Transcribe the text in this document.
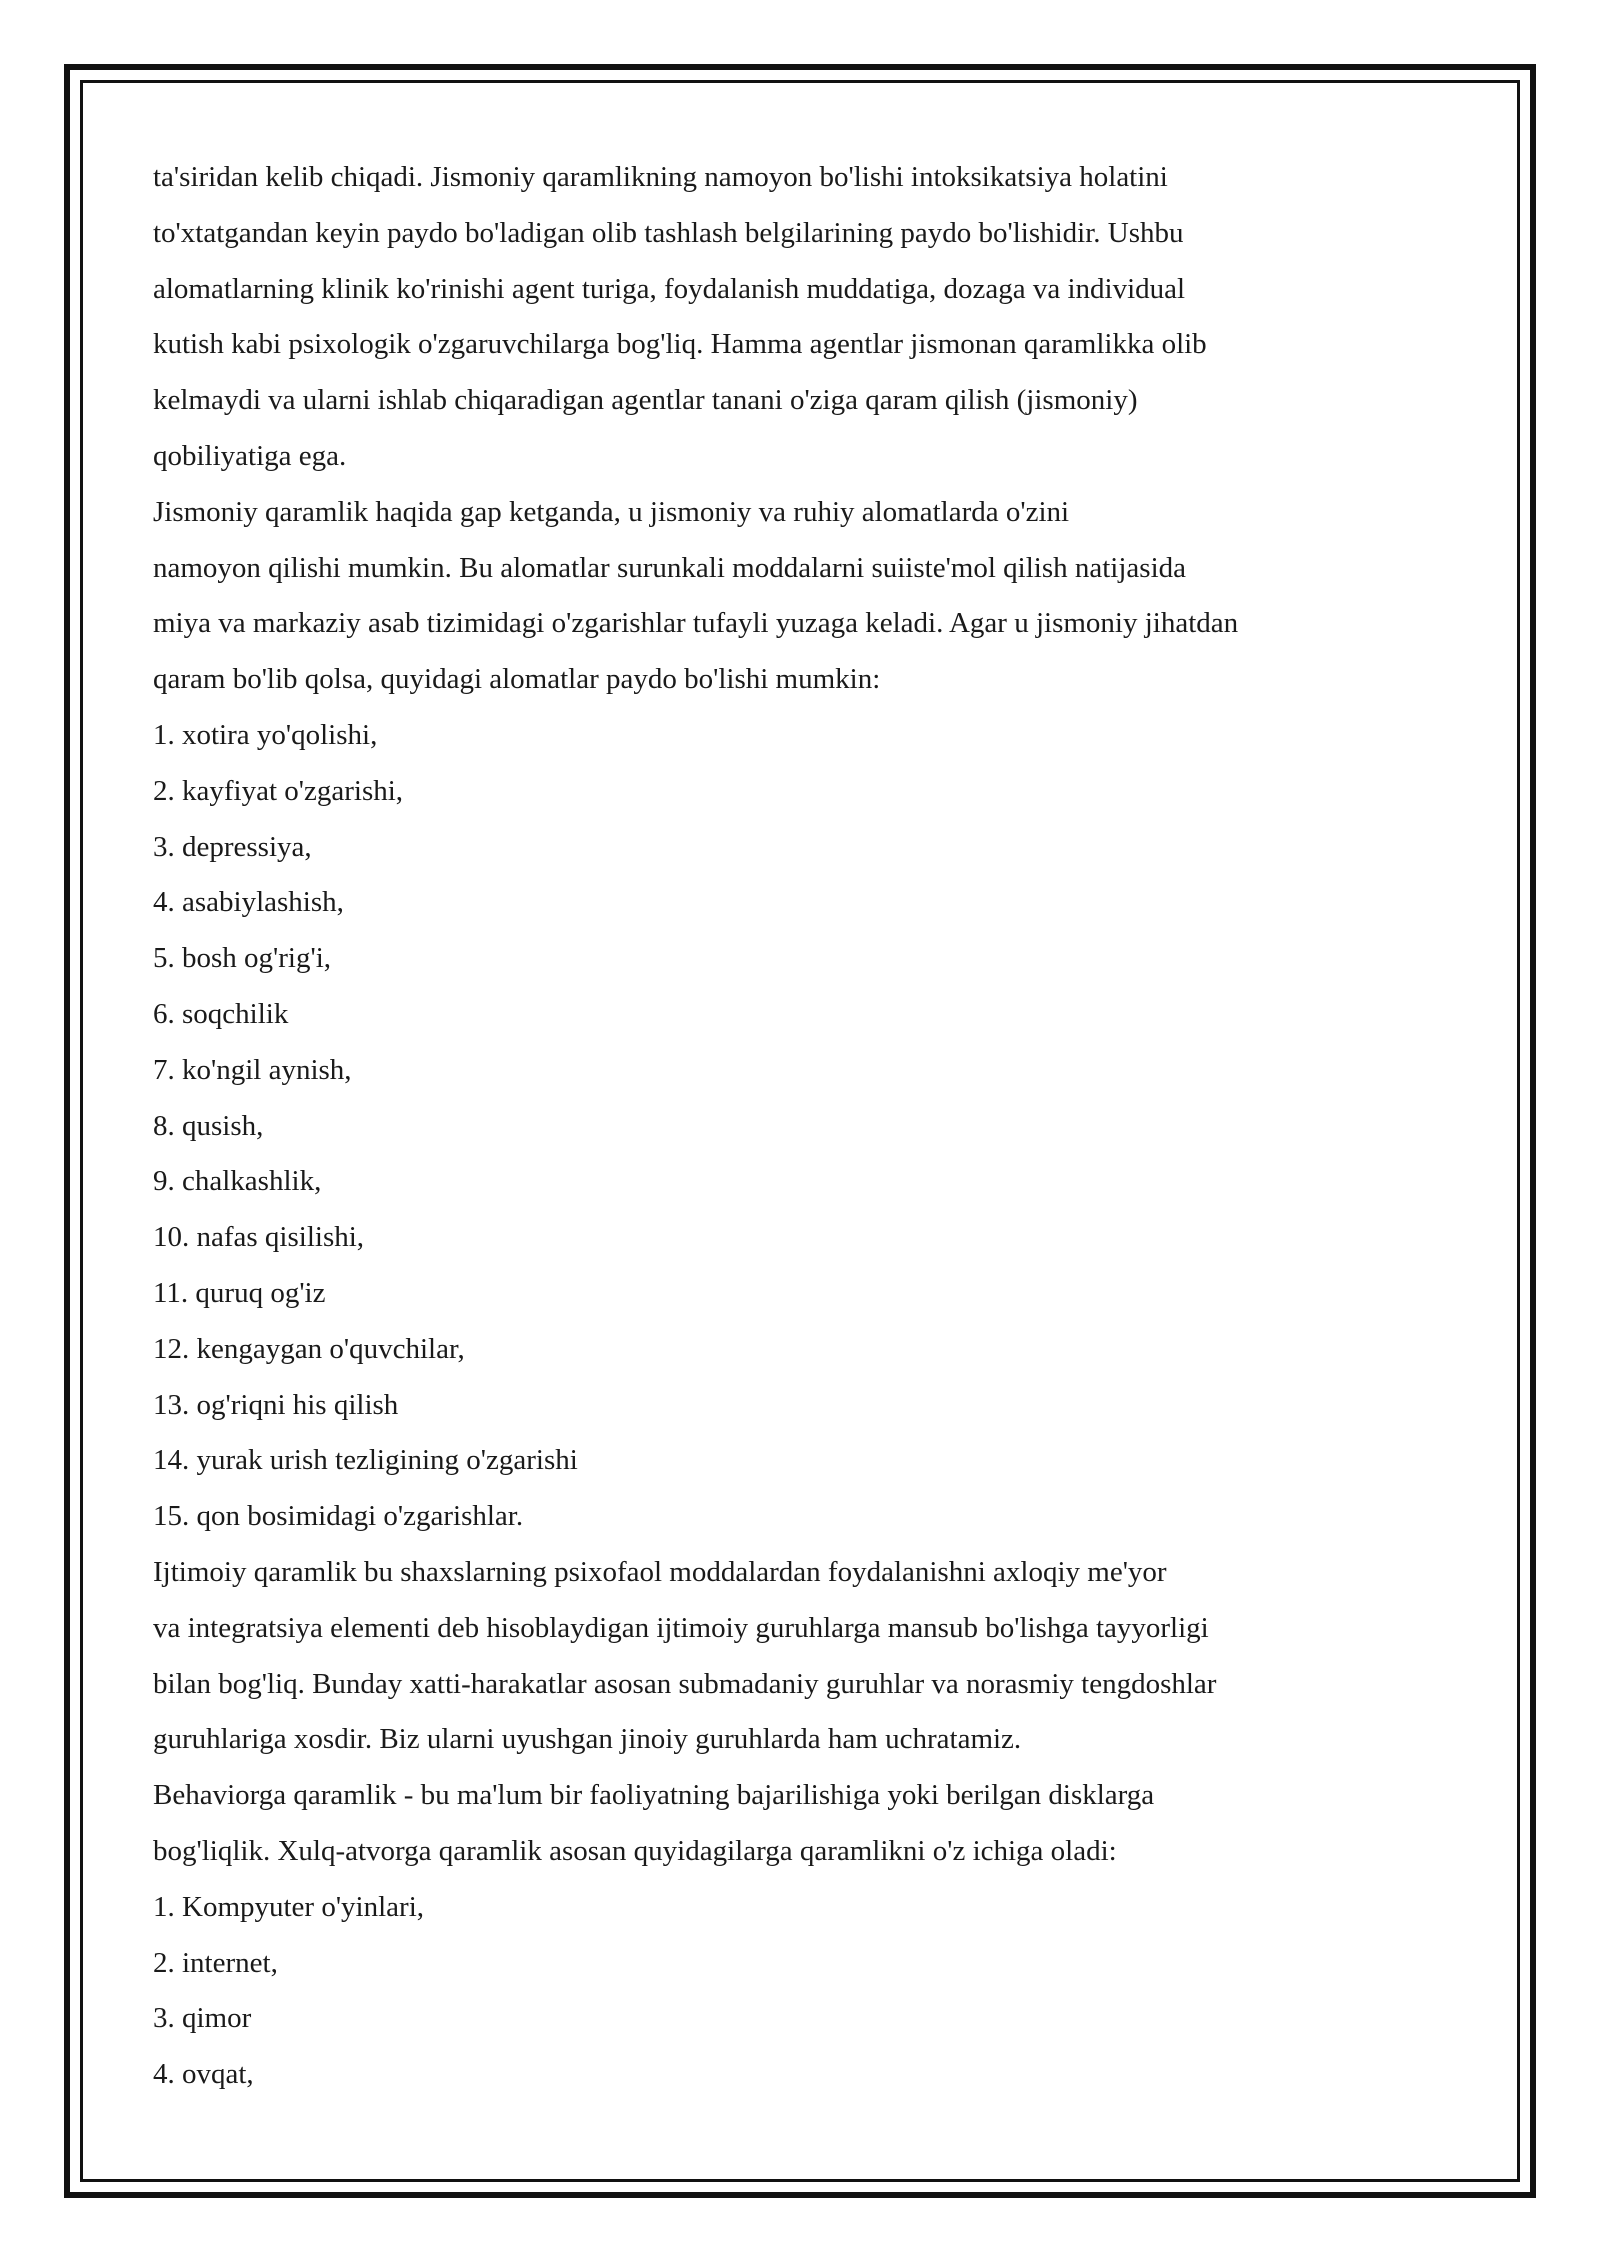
ta'siridan kelib chiqadi. Jismoniy qaramlikning namoyon bo'lishi intoksikatsiya holatini

to'xtatgandan keyin paydo bo'ladigan olib tashlash belgilarining paydo bo'lishidir. Ushbu

alomatlarning klinik ko'rinishi agent turiga, foydalanish muddatiga, dozaga va individual

kutish kabi psixologik o'zgaruvchilarga bog'liq. Hamma agentlar jismonan qaramlikka olib

kelmaydi va ularni ishlab chiqaradigan agentlar tanani o'ziga qaram qilish (jismoniy)

qobiliyatiga ega.

Jismoniy qaramlik haqida gap ketganda, u jismoniy va ruhiy alomatlarda o'zini

namoyon qilishi mumkin. Bu alomatlar surunkali moddalarni suiiste'mol qilish natijasida

miya va markaziy asab tizimidagi o'zgarishlar tufayli yuzaga keladi. Agar u jismoniy jihatdan

qaram bo'lib qolsa, quyidagi alomatlar paydo bo'lishi mumkin:

1. xotira yo'qolishi,

2. kayfiyat o'zgarishi,

3. depressiya,

4. asabiylashish,

5. bosh og'rig'i,

6. soqchilik

7. ko'ngil aynish,

8. qusish,

9. chalkashlik,

10. nafas qisilishi,

11. quruq og'iz

12. kengaygan o'quvchilar,

13. og'riqni his qilish

14. yurak urish tezligining o'zgarishi

15. qon bosimidagi o'zgarishlar.

Ijtimoiy qaramlik bu shaxslarning psixofaol moddalardan foydalanishni axloqiy me'yor

va integratsiya elementi deb hisoblaydigan ijtimoiy guruhlarga mansub bo'lishga tayyorligi

bilan bog'liq. Bunday xatti-harakatlar asosan submadaniy guruhlar va norasmiy tengdoshlar

guruhlariga xosdir. Biz ularni uyushgan jinoiy guruhlarda ham uchratamiz.

Behaviorga qaramlik - bu ma'lum bir faoliyatning bajarilishiga yoki berilgan disklarga

bog'liqlik. Xulq-atvorga qaramlik asosan quyidagilarga qaramlikni o'z ichiga oladi:

1. Kompyuter o'yinlari,

2. internet,

3. qimor

4. ovqat,
